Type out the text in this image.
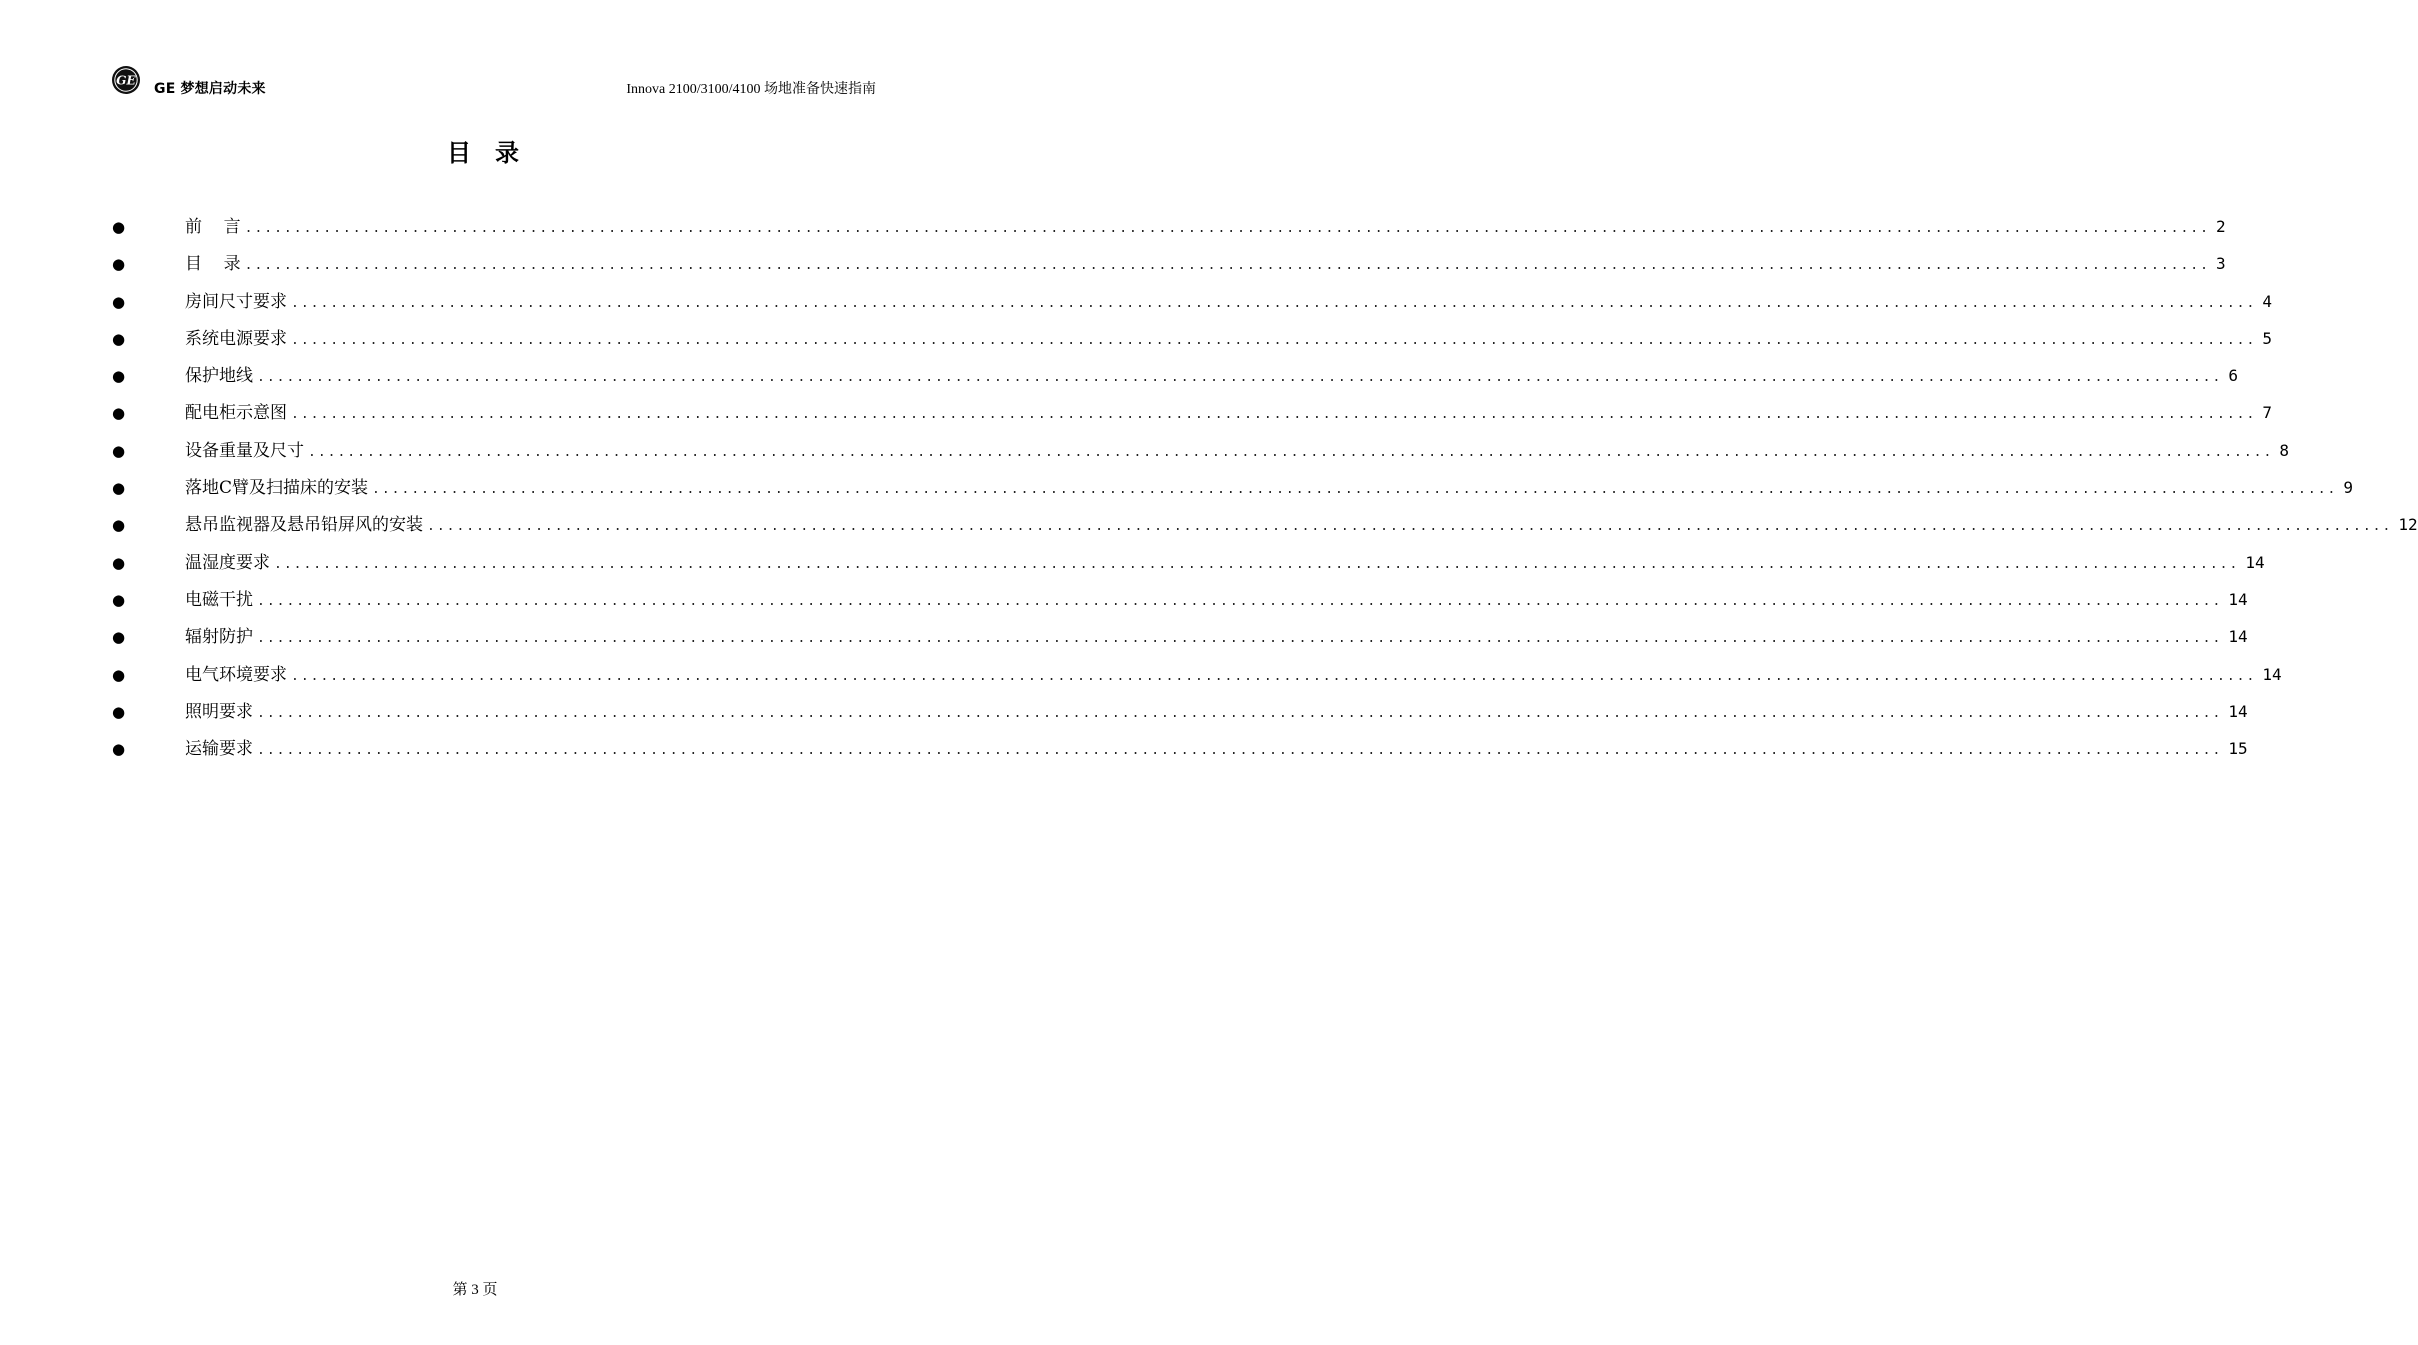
GE
GE 梦想启动未来	Innova 2100/3100/4100 场地准备快速指南
目录
●	前    言 ........................................................................................................................................................................................................ 2
●	目    录 ........................................................................................................................................................................................................ 3
●	房间尺寸要求 ........................................................................................................................................................................................................ 4
●	系统电源要求 ........................................................................................................................................................................................................ 5
●	保护地线 ........................................................................................................................................................................................................ 6
●	配电柜示意图 ........................................................................................................................................................................................................ 7
●	设备重量及尺寸 ........................................................................................................................................................................................................ 8
●	落地C臂及扫描床的安装 ........................................................................................................................................................................................................ 9
●	悬吊监视器及悬吊铅屏风的安装 ........................................................................................................................................................................................................ 12
●	温湿度要求 ........................................................................................................................................................................................................ 14
●	电磁干扰 ........................................................................................................................................................................................................ 14
●	辐射防护 ........................................................................................................................................................................................................ 14
●	电气环境要求 ........................................................................................................................................................................................................ 14
●	照明要求 ........................................................................................................................................................................................................ 14
●	运输要求 ........................................................................................................................................................................................................ 15
第 3 页
